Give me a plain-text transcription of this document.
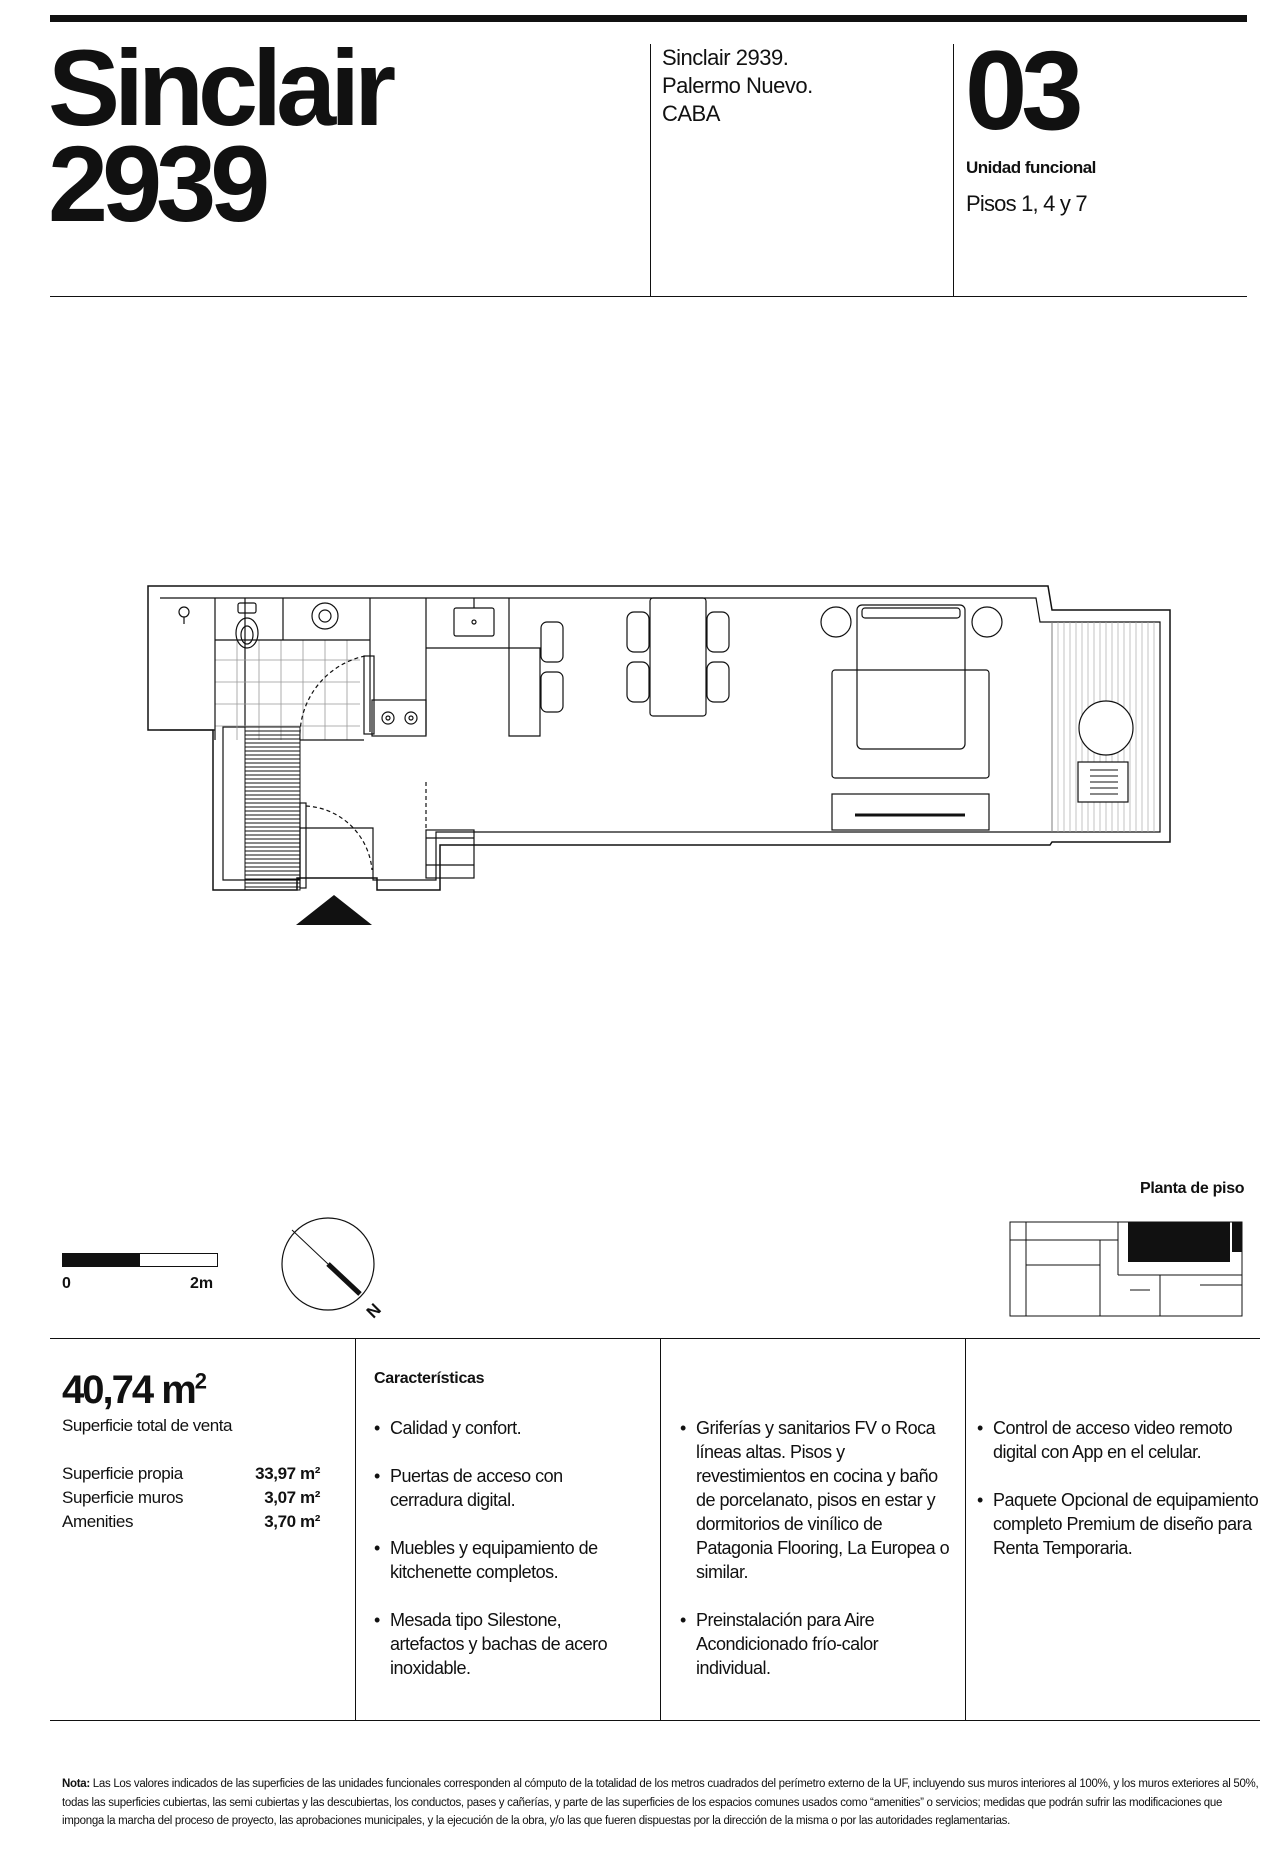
Sinclair
2939
Sinclair 2939.
Palermo Nuevo.
CABA	03
Unidad funcional
Pisos 1, 4 y 7
0	2m
N
Planta de piso
40,74 $m^2$
Superficie total de venta
Superficie propia	33,97 m²
Superficie muros	3,07 m²
Amenities	3,70 m²
Características
• Calidad y confort.
• Puertas de acceso con cerradura digital.
• Muebles y equipamiento de kitchenette completos.
• Mesada tipo Silestone, artefactos y bachas de acero inoxidable.
• Griferías y sanitarios FV o Roca líneas altas. Pisos y revestimientos en cocina y baño de porcelanato, pisos en estar y dormitorios de vinílico de Patagonia Flooring, La Europea o similar.
• Preinstalación para Aire Acondicionado frío-calor individual.
• Control de acceso video remoto digital con App en el celular.
• Paquete Opcional de equipamiento completo Premium de diseño para Renta Temporaria.
Nota: Las Los valores indicados de las superficies de las unidades funcionales corresponden al cómputo de la totalidad de los metros cuadrados del perímetro externo de la UF, incluyendo sus muros interiores al 100%, y los muros exteriores al 50%, todas las superficies cubiertas, las semi cubiertas y las descubiertas, los conductos, pases y cañerías, y parte de las superficies de los espacios comunes usados como “amenities” o servicios; medidas que podrán sufrir las modificaciones que imponga la marcha del proceso de proyecto, las aprobaciones municipales, y la ejecución de la obra, y/o las que fueren dispuestas por la dirección de la misma o por las autoridades reglamentarias.
